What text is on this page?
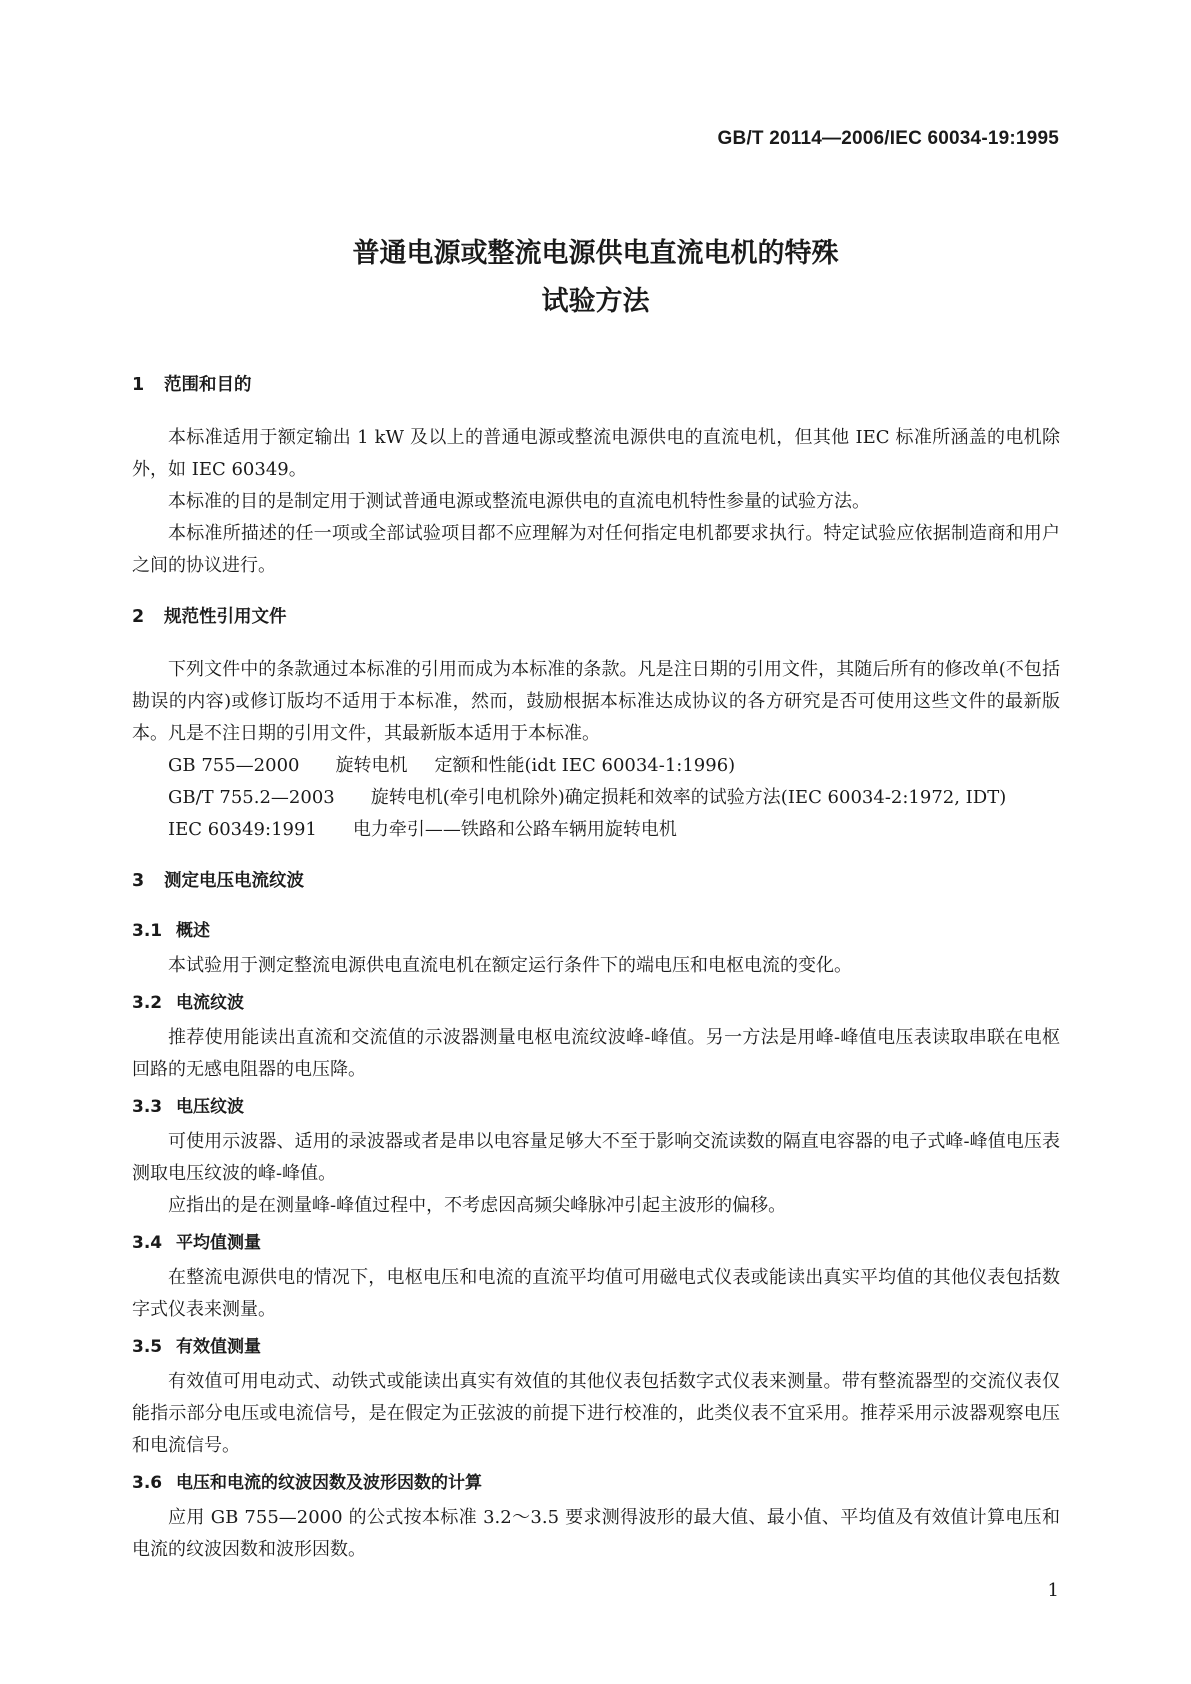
GB/T 20114—2006/IEC 60034-19:1995
普通电源或整流电源供电直流电机的特殊
试验方法
1 范围和目的

本标准适用于额定输出 1 kW 及以上的普通电源或整流电源供电的直流电机，但其他 IEC 标准所涵盖的电机除外，如 IEC 60349。

本标准的目的是制定用于测试普通电源或整流电源供电的直流电机特性参量的试验方法。

本标准所描述的任一项或全部试验项目都不应理解为对任何指定电机都要求执行。特定试验应依据制造商和用户之间的协议进行。

2 规范性引用文件

下列文件中的条款通过本标准的引用而成为本标准的条款。凡是注日期的引用文件，其随后所有的修改单(不包括勘误的内容)或修订版均不适用于本标准，然而，鼓励根据本标准达成协议的各方研究是否可使用这些文件的最新版本。凡是不注日期的引用文件，其最新版本适用于本标准。

GB 755—2000 旋转电机 定额和性能(idt IEC 60034-1:1996)

GB/T 755.2—2003 旋转电机(牵引电机除外)确定损耗和效率的试验方法(IEC 60034-2:1972, IDT)

IEC 60349:1991 电力牵引——铁路和公路车辆用旋转电机

3 测定电压电流纹波
3.1 概述

本试验用于测定整流电源供电直流电机在额定运行条件下的端电压和电枢电流的变化。

3.2 电流纹波

推荐使用能读出直流和交流值的示波器测量电枢电流纹波峰-峰值。另一方法是用峰-峰值电压表读取串联在电枢回路的无感电阻器的电压降。

3.3 电压纹波

可使用示波器、适用的录波器或者是串以电容量足够大不至于影响交流读数的隔直电容器的电子式峰-峰值电压表测取电压纹波的峰-峰值。

应指出的是在测量峰-峰值过程中，不考虑因高频尖峰脉冲引起主波形的偏移。

3.4 平均值测量

在整流电源供电的情况下，电枢电压和电流的直流平均值可用磁电式仪表或能读出真实平均值的其他仪表包括数字式仪表来测量。

3.5 有效值测量

有效值可用电动式、动铁式或能读出真实有效值的其他仪表包括数字式仪表来测量。带有整流器型的交流仪表仅能指示部分电压或电流信号，是在假定为正弦波的前提下进行校准的，此类仪表不宜采用。推荐采用示波器观察电压和电流信号。

3.6 电压和电流的纹波因数及波形因数的计算

应用 GB 755—2000 的公式按本标准 3.2～3.5 要求测得波形的最大值、最小值、平均值及有效值计算电压和电流的纹波因数和波形因数。

1
